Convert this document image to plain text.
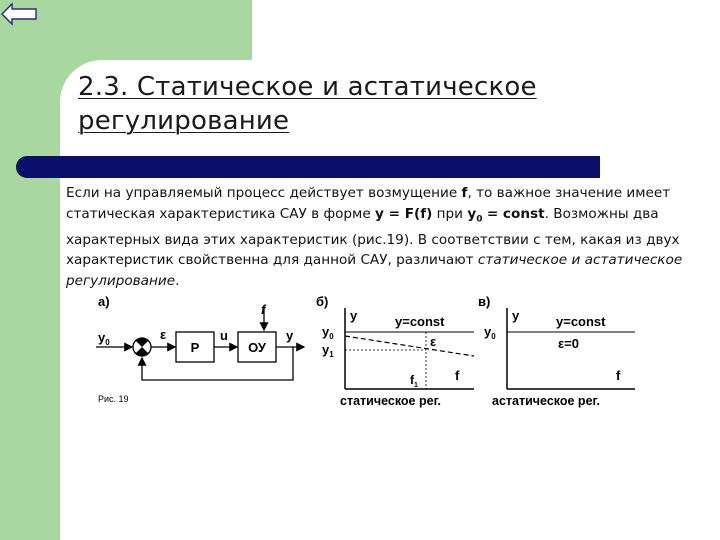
2.3. Статическое и астатическое
регулирование
Если на управляемый процесс действует возмущение f, то важное значение имеет статическая характеристика САУ в форме y = F(f) при $y_0$ = const. Возможны два характерных вида этих характеристик (рис.19). В соответствии с тем, какая из двух характеристик свойственна для данной САУ, различают статическое и астатическое регулирование.
а)
$y_0$
ε
P
u
ОУ
f
y
Рис. 19
б)
y	y=const
$y_0$
$y_1$
ε
$f_1$
f
статическое рег.
в)
y	y=const
$y_0$	ε=0
f
астатическое рег.
